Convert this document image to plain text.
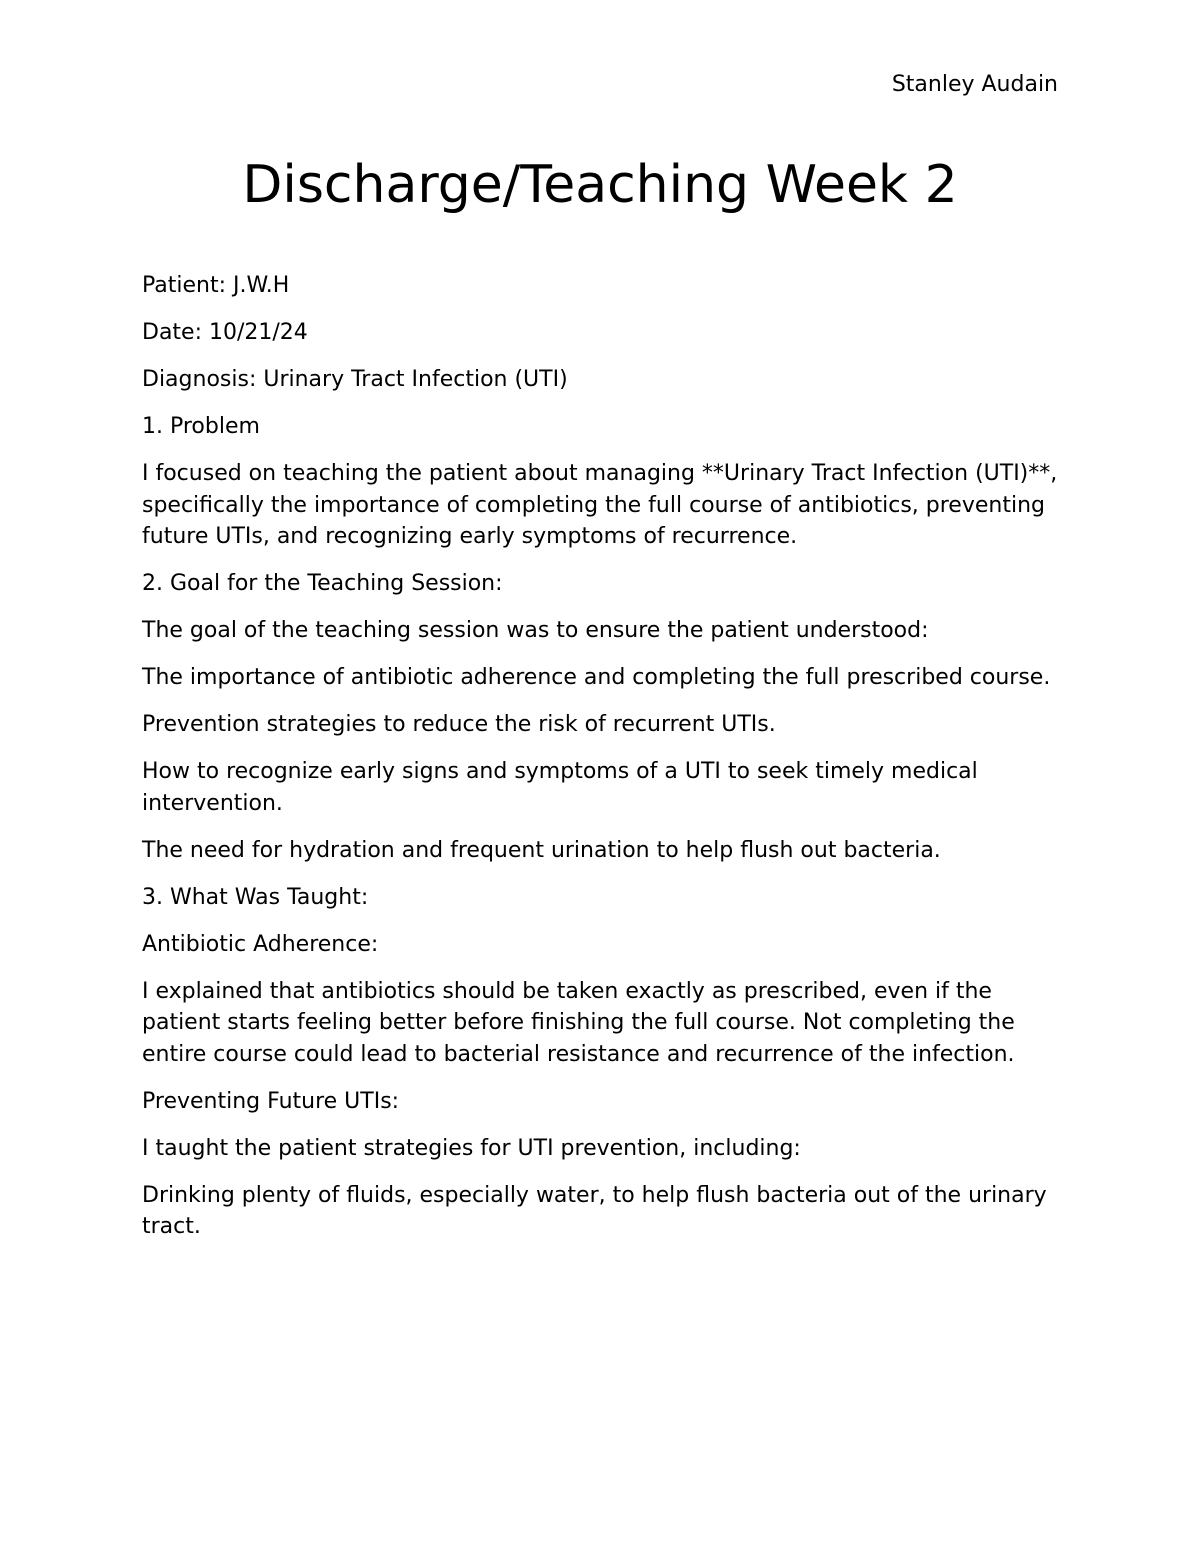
Stanley Audain
Discharge/Teaching Week 2

Patient: J.W.H

Date: 10/21/24

Diagnosis: Urinary Tract Infection (UTI)

1. Problem

I focused on teaching the patient about managing **Urinary Tract Infection (UTI)**, specifically the importance of completing the full course of antibiotics, preventing future UTIs, and recognizing early symptoms of recurrence.

2. Goal for the Teaching Session:

The goal of the teaching session was to ensure the patient understood:

The importance of antibiotic adherence and completing the full prescribed course.

Prevention strategies to reduce the risk of recurrent UTIs.

How to recognize early signs and symptoms of a UTI to seek timely medical intervention.

The need for hydration and frequent urination to help flush out bacteria.

3. What Was Taught:

Antibiotic Adherence:

I explained that antibiotics should be taken exactly as prescribed, even if the patient starts feeling better before finishing the full course. Not completing the entire course could lead to bacterial resistance and recurrence of the infection.

Preventing Future UTIs:

I taught the patient strategies for UTI prevention, including:

Drinking plenty of fluids, especially water, to help flush bacteria out of the urinary tract.
